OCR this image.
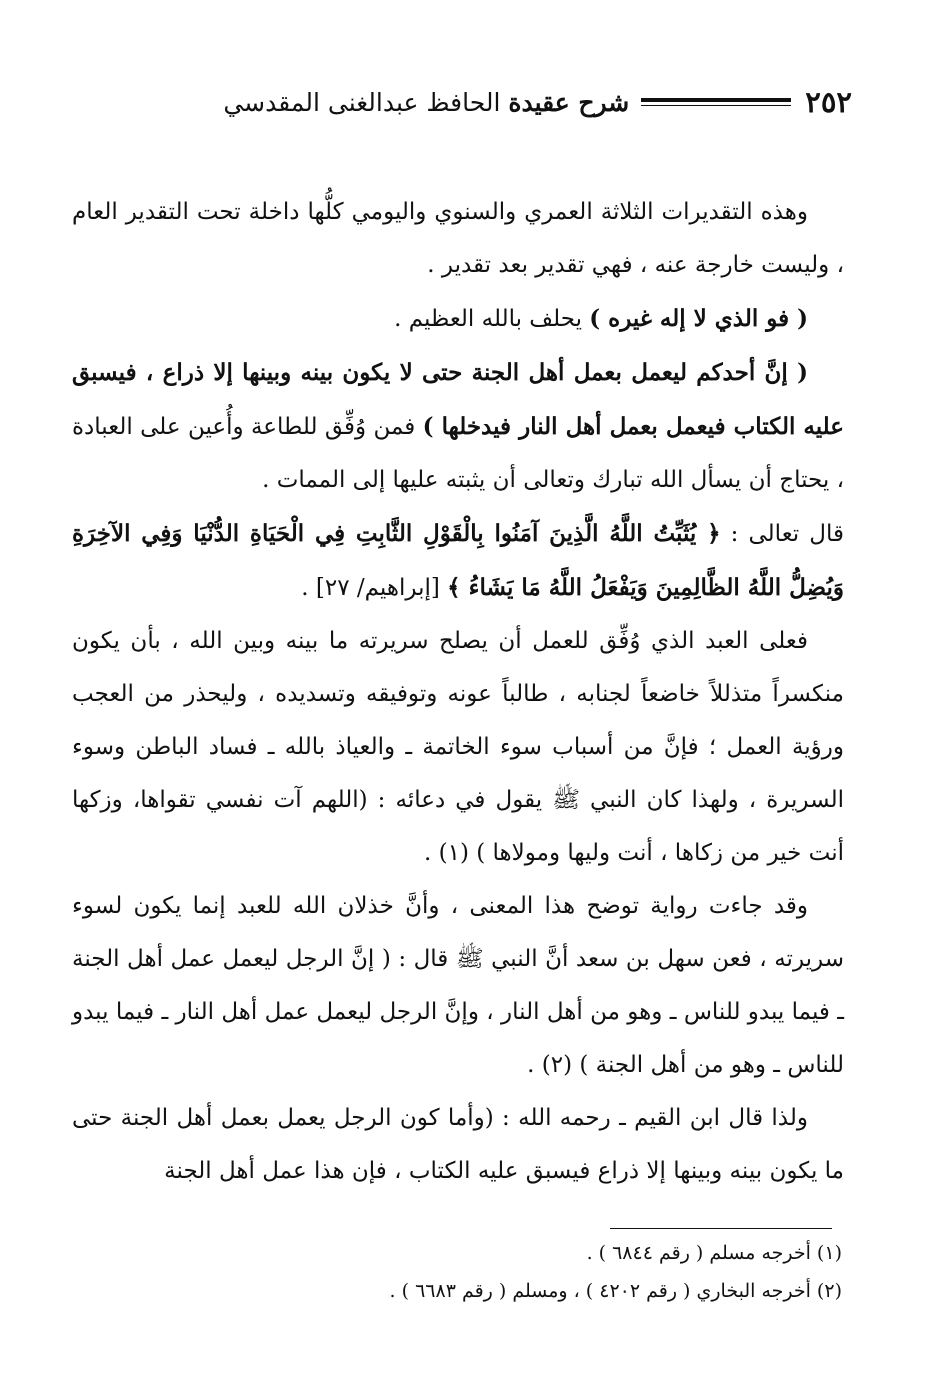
٢٥٢
شرح عقيدة الحافظ عبدالغنى المقدسي

وهذه التقديرات الثلاثة العمري والسنوي واليومي كلُّها داخلة تحت التقدير العام ، وليست خارجة عنه ، فهي تقدير بعد تقدير .

( فو الذي لا إله غيره ) يحلف بالله العظيم .

( إنَّ أحدكم ليعمل بعمل أهل الجنة حتى لا يكون بينه وبينها إلا ذراع ، فيسبق عليه الكتاب فيعمل بعمل أهل النار فيدخلها ) فمن وُفِّق للطاعة وأُعين على العبادة ، يحتاج أن يسأل الله تبارك وتعالى أن يثبته عليها إلى الممات .

قال تعالى : ﴿ يُثَبِّتُ اللَّهُ الَّذِينَ آمَنُوا بِالْقَوْلِ الثَّابِتِ فِي الْحَيَاةِ الدُّنْيَا وَفِي الآخِرَةِ وَيُضِلُّ اللَّهُ الظَّالِمِينَ وَيَفْعَلُ اللَّهُ مَا يَشَاءُ ﴾ [إبراهيم/ ٢٧] .

فعلى العبد الذي وُفِّق للعمل أن يصلح سريرته ما بينه وبين الله ، بأن يكون منكسراً متذللاً خاضعاً لجنابه ، طالباً عونه وتوفيقه وتسديده ، وليحذر من العجب ورؤية العمل ؛ فإنَّ من أسباب سوء الخاتمة ـ والعياذ بالله ـ فساد الباطن وسوء السريرة ، ولهذا كان النبي ﷺ يقول في دعائه : (اللهم آت نفسي تقواها، وزكها أنت خير من زكاها ، أنت وليها ومولاها ) (١) .

وقد جاءت رواية توضح هذا المعنى ، وأنَّ خذلان الله للعبد إنما يكون لسوء سريرته ، فعن سهل بن سعد أنَّ النبي ﷺ قال : ( إنَّ الرجل ليعمل عمل أهل الجنة ـ فيما يبدو للناس ـ وهو من أهل النار ، وإنَّ الرجل ليعمل عمل أهل النار ـ فيما يبدو للناس ـ وهو من أهل الجنة ) (٢) .

ولذا قال ابن القيم ـ رحمه الله : (وأما كون الرجل يعمل بعمل أهل الجنة حتى ما يكون بينه وبينها إلا ذراع فيسبق عليه الكتاب ، فإن هذا عمل أهل الجنة

(١) أخرجه مسلم ( رقم ٦٨٤٤ ) .

(٢) أخرجه البخاري ( رقم ٤٢٠٢ ) ، ومسلم ( رقم ٦٦٨٣ ) .
